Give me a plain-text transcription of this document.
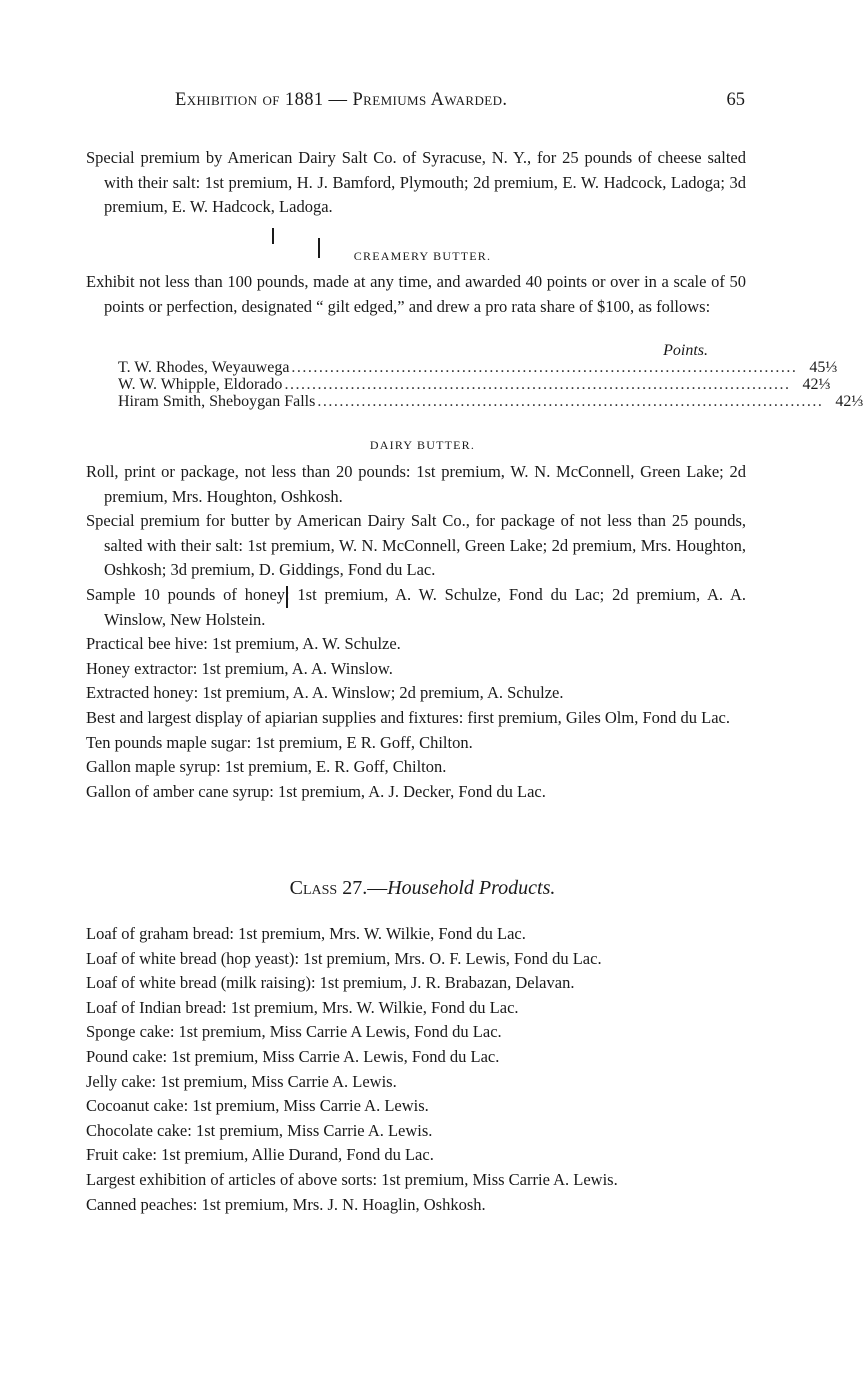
Exhibition of 1881 — Premiums Awarded.	65

Special premium by American Dairy Salt Co. of Syracuse, N. Y., for 25 pounds of cheese salted with their salt: 1st premium, H. J. Bamford, Plymouth; 2d premium, E. W. Hadcock, Ladoga; 3d premium, E. W. Hadcock, Ladoga.

CREAMERY BUTTER.

Exhibit not less than 100 pounds, made at any time, and awarded 40 points or over in a scale of 50 points or perfection, designated “ gilt edged,” and drew a pro rata share of $100, as follows:

Points.
T. W. Rhodes, Weyauwega ............................................................................................ 45⅓
W. W. Whipple, Eldorado ............................................................................................ 42⅓
Hiram Smith, Sheboygan Falls ............................................................................................ 42⅓
DAIRY BUTTER.

Roll, print or package, not less than 20 pounds: 1st premium, W. N. McConnell, Green Lake; 2d premium, Mrs. Houghton, Oshkosh.

Special premium for butter by American Dairy Salt Co., for package of not less than 25 pounds, salted with their salt: 1st premium, W. N. McConnell, Green Lake; 2d premium, Mrs. Houghton, Oshkosh; 3d premium, D. Giddings, Fond du Lac.

Sample 10 pounds of honey: 1st premium, A. W. Schulze, Fond du Lac; 2d premium, A. A. Winslow, New Holstein.

Practical bee hive: 1st premium, A. W. Schulze.

Honey extractor: 1st premium, A. A. Winslow.

Extracted honey: 1st premium, A. A. Winslow; 2d premium, A. Schulze.

Best and largest display of apiarian supplies and fixtures: first premium, Giles Olm, Fond du Lac.

Ten pounds maple sugar: 1st premium, E R. Goff, Chilton.

Gallon maple syrup: 1st premium, E. R. Goff, Chilton.

Gallon of amber cane syrup: 1st premium, A. J. Decker, Fond du Lac.

Class 27.—Household Products.

Loaf of graham bread: 1st premium, Mrs. W. Wilkie, Fond du Lac.

Loaf of white bread (hop yeast): 1st premium, Mrs. O. F. Lewis, Fond du Lac.

Loaf of white bread (milk raising): 1st premium, J. R. Brabazan, Delavan.

Loaf of Indian bread: 1st premium, Mrs. W. Wilkie, Fond du Lac.

Sponge cake: 1st premium, Miss Carrie A Lewis, Fond du Lac.

Pound cake: 1st premium, Miss Carrie A. Lewis, Fond du Lac.

Jelly cake: 1st premium, Miss Carrie A. Lewis.

Cocoanut cake: 1st premium, Miss Carrie A. Lewis.

Chocolate cake: 1st premium, Miss Carrie A. Lewis.

Fruit cake: 1st premium, Allie Durand, Fond du Lac.

Largest exhibition of articles of above sorts: 1st premium, Miss Carrie A. Lewis.

Canned peaches: 1st premium, Mrs. J. N. Hoaglin, Oshkosh.
